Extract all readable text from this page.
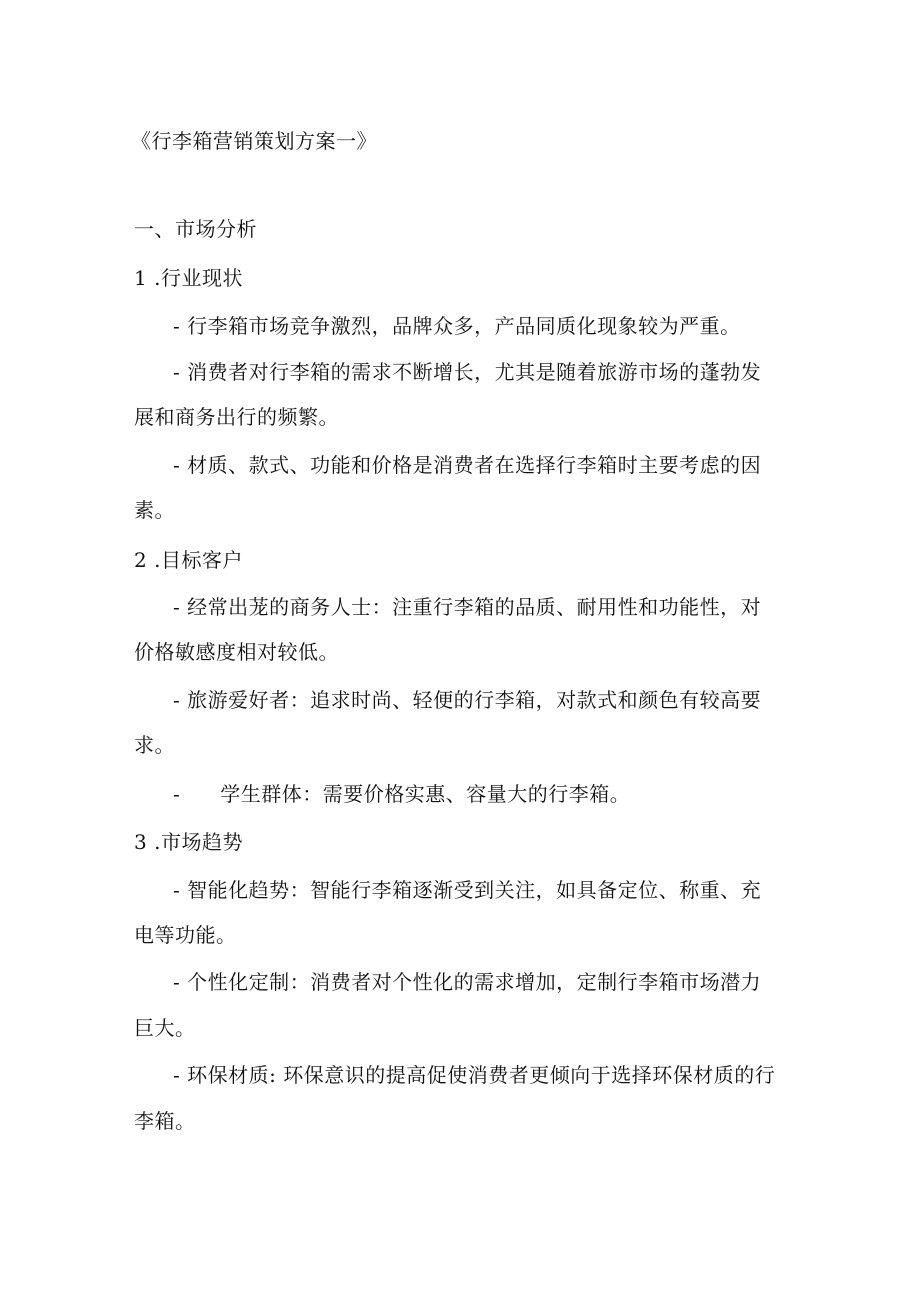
《行李箱营销策划方案一》
一、市场分析
1 .行业现状
- 行李箱市场竞争激烈，品牌众多，产品同质化现象较为严重。
- 消费者对行李箱的需求不断增长，尤其是随着旅游市场的蓬勃发
展和商务出行的频繁。
- 材质、款式、功能和价格是消费者在选择行李箱时主要考虑的因
素。
2 .目标客户
- 经常出茏的商务人士：注重行李箱的品质、耐用性和功能性，对
价格敏感度相对较低。
- 旅游爱好者：追求时尚、轻便的行李箱，对款式和颜色有较高要
求。
- 学生群体：需要价格实惠、容量大的行李箱。
3 .市场趋势
- 智能化趋势：智能行李箱逐渐受到关注，如具备定位、称重、充
电等功能。
- 个性化定制：消费者对个性化的需求增加，定制行李箱市场潜力
巨大。
- 环保材质: 环保意识的提高促使消费者更倾向于选择环保材质的行
李箱。
